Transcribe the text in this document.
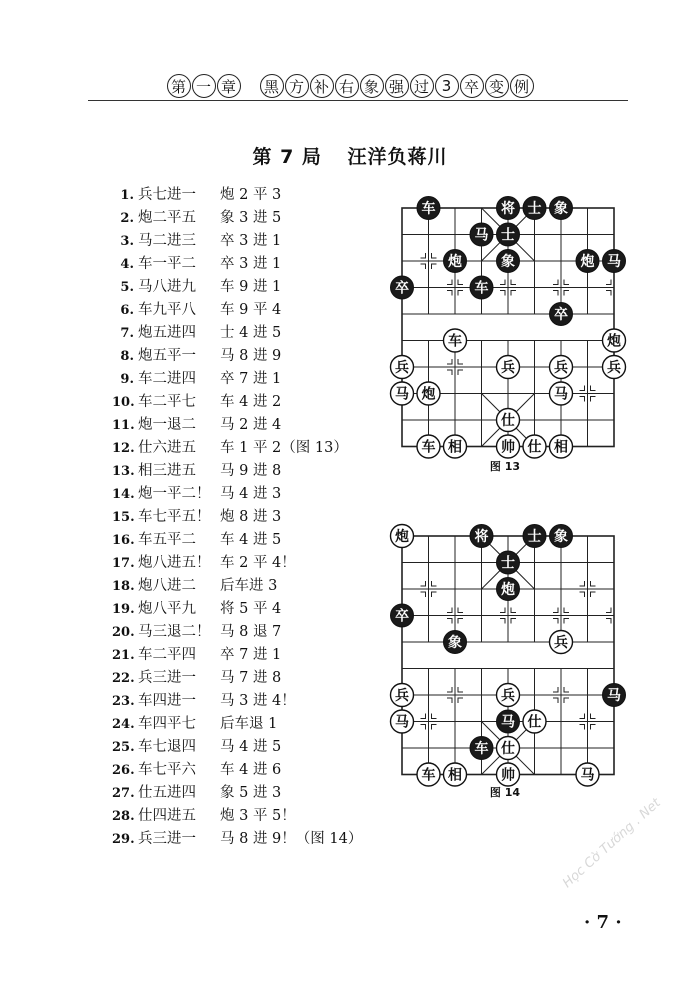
第 一 章	黑 方 补 右 象 强 过 3 卒 变 例
第 7 局 汪洋负蒋川
1. 兵七进一 炮 2 平 3
2. 炮二平五 象 3 进 5
3. 马二进三 卒 3 进 1
4. 车一平二 卒 3 进 1
5. 马八进九 车 9 进 1
6. 车九平八 车 9 平 4
7. 炮五进四 士 4 进 5
8. 炮五平一 马 8 进 9
9. 车二进四 卒 7 进 1
10. 车二平七 车 4 进 2
11. 炮一退二 马 2 进 4
12. 仕六进五 车 1 平 2（图 13）
13. 相三进五 马 9 进 8
14. 炮一平二！ 马 4 进 3
15. 车七平五！ 炮 8 进 3
16. 车五平二 车 4 进 5
17. 炮八进五！ 车 2 平 4！
18. 炮八进二 后车进 3
19. 炮八平九 将 5 平 4
20. 马三退二！ 马 8 退 7
21. 车二平四 卒 7 进 1
22. 兵三进一 马 7 进 8
23. 车四进一 马 3 进 4！
24. 车四平七 后车退 1
25. 车七退四 马 4 进 5
26. 车七平六 车 4 进 6
27. 仕五进四 象 5 进 3
28. 仕四进五 炮 3 平 5！
29. 兵三进一 马 8 进 9！（图 14）
车	将 士 象
马 士
炮	象	炮 马
卒	车
卒
车	炮
兵	兵	兵	兵
马 炮	马
仕
车 相	帅 仕 相
图 13
炮	将	士 象
士
炮
卒
象	兵
兵	兵	马
马	马 仕
车 仕
车 相	帅	马
图 14
· 7 ·
Học Cờ Tướng . Net
